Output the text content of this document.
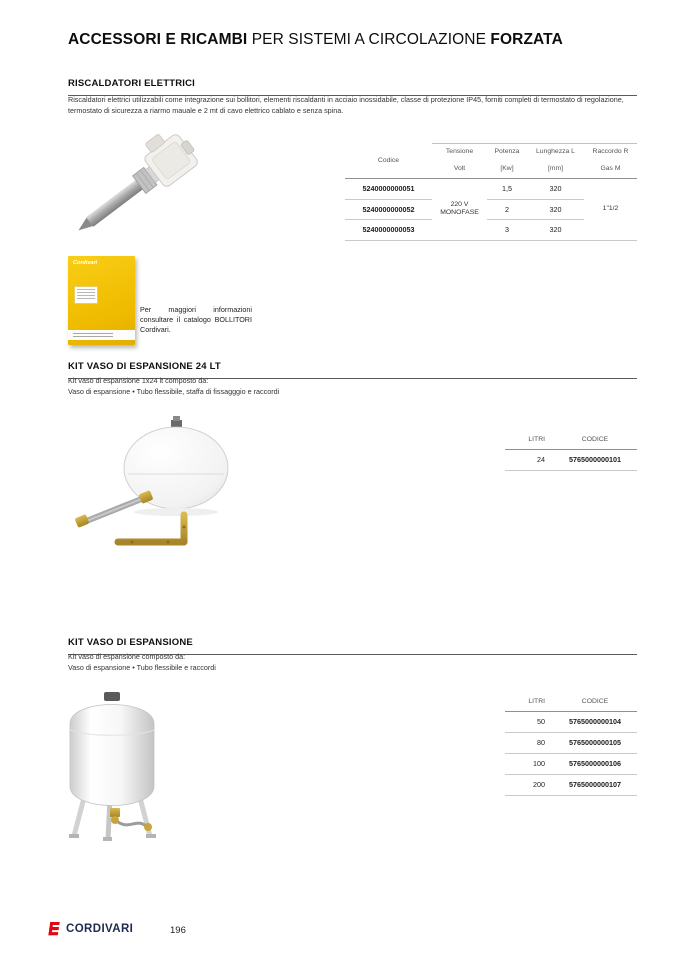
ACCESSORI E RICAMBI PER SISTEMI A CIRCOLAZIONE FORZATA
RISCALDATORI ELETTRICI

Riscaldatori elettrici utilizzabili come integrazione sui bollitori, elementi riscaldanti in acciaio inossidabile, classe di protezione IP45, forniti completi di termostato di regolazione, termostato di sicurezza a riarmo mauale e 2 mt di cavo elettrico cablato e senza spina.

Codice	Tensione	Potenza	Lunghezza L	Raccordo R
	Volt	[Kw]	[mm]	Gas M
5240000000051	220 V MONOFASE	1,5	320	1"1/2
5240000000052		2	320	
5240000000053		3	320	
Cordivari

Per maggiori informazioni consultare il catalogo BOLLITORI Cordivari.

KIT VASO DI ESPANSIONE 24 LT

Kit vaso di espansione 1x24 lt composto da:

Vaso di espansione • Tubo flessibile, staffa di fissagggio e raccordi

LITRI	CODICE
24	5765000000101
KIT VASO DI ESPANSIONE

Kit vaso di espansione composto da:

Vaso di espansione • Tubo flessibile e raccordi

LITRI	CODICE
50	5765000000104
80	5765000000105
100	5765000000106
200	5765000000107
CORDIVARI	196
